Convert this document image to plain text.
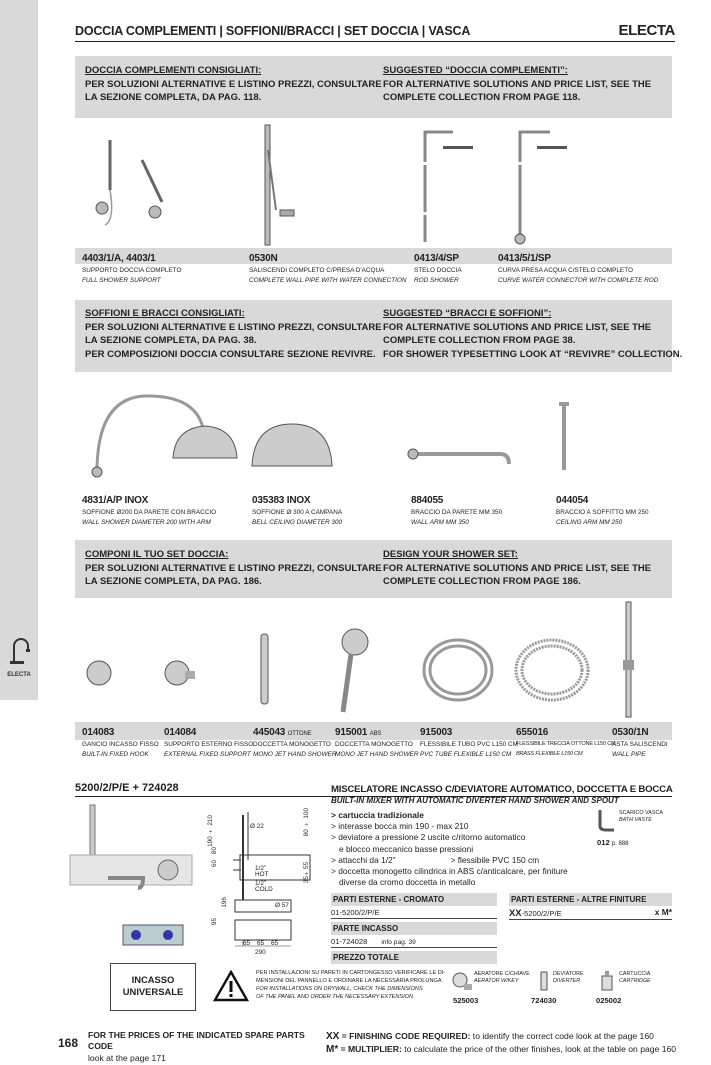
ELECTA
DOCCIA COMPLEMENTI | SOFFIONI/BRACCI | SET DOCCIA | VASCA	ELECTA
DOCCIA COMPLEMENTI CONSIGLIATI:
PER SOLUZIONI ALTERNATIVE E LISTINO PREZZI, CONSULTARE
LA SEZIONE COMPLETA, DA PAG. 118.
SUGGESTED “DOCCIA COMPLEMENTI”:
FOR ALTERNATIVE SOLUTIONS AND PRICE LIST, SEE THE
COMPLETE COLLECTION FROM PAGE 118.
4403/1/A, 4403/1
SUPPORTO DOCCIA COMPLETO
FULL SHOWER SUPPORT
0530N
SALISCENDI COMPLETO C/PRESA D'ACQUA
COMPLETE WALL PIPE WITH WATER CONNECTION
0413/4/SP
STELO DOCCIA
ROD SHOWER
0413/5/1/SP
CURVA PRESA ACQUA C/STELO COMPLETO
CURVE WATER CONNECTOR WITH COMPLETE ROD
SOFFIONI E BRACCI CONSIGLIATI:
PER SOLUZIONI ALTERNATIVE E LISTINO PREZZI, CONSULTARE
LA SEZIONE COMPLETA, DA PAG. 38.
PER COMPOSIZIONI DOCCIA CONSULTARE SEZIONE REVIVRE.
SUGGESTED “BRACCI E SOFFIONI”:
FOR ALTERNATIVE SOLUTIONS AND PRICE LIST, SEE THE
COMPLETE COLLECTION FROM PAGE 38.
FOR SHOWER TYPESETTING LOOK AT “REVIVRE” COLLECTION.
4831/A/P INOX
SOFFIONE Ø200 DA PARETE CON BRACCIO
WALL SHOWER DIAMETER 200 WITH ARM
035383 INOX
SOFFIONE Ø 300 A CAMPANA
BELL CEILING DIAMETER 300
884055
BRACCIO DA PARETE MM 350
WALL ARM MM 350
044054
BRACCIO A SOFFITTO MM 250
CEILING ARM MM 250
COMPONI IL TUO SET DOCCIA:
PER SOLUZIONI ALTERNATIVE E LISTINO PREZZI, CONSULTARE
LA SEZIONE COMPLETA, DA PAG. 186.
DESIGN YOUR SHOWER SET:
FOR ALTERNATIVE SOLUTIONS AND PRICE LIST, SEE THE
COMPLETE COLLECTION FROM PAGE 186.
014083
GANCIO INCASSO FISSO
BUILT-IN FIXED HOOK
014084
SUPPORTO ESTERNO FISSO
EXTERNAL FIXED SUPPORT
445043 OTTONE
DOCCETTA MONOGETTO
MONO JET HAND SHOWER
915001 ABS
DOCCETTA MONOGETTO
MONO JET HAND SHOWER
915003
FLESSIBILE TUBO PVC L150 CM
PVC TUBE FLEXIBLE L150 CM
655016
FLESSIBILE TRECCIA OTTONE L150 CM
BRASS FLEXIBLE L150 CM
0530/1N
ASTA SALISCENDI
WALL PIPE
5200/2/P/E + 724028
Ø 22
Ø 57
1/2” HOT
1/2” COLD
190 ÷ 210	80 ÷ 100
35÷55
60
80
196
95
65 65 65
290
MISCELATORE INCASSO C/DEVIATORE AUTOMATICO, DOCCETTA E BOCCA
BUILT-IN MIXER WITH AUTOMATIC DIVERTER HAND SHOWER AND SPOUT
> cartuccia tradizionale
> interasse bocca min 190 - max 210
> deviatore a pressione 2 uscite c/ritorno automatico
e blocco meccanico basse pressioni
> attacchi da 1/2”	> flessibile PVC 150 cm
> doccetta monogetto cilindrica in ABS c/anticalcare, per finiture
diverse da cromo doccetta in metallo
SCARICO VASCA
BATH VASTE
012 p. 888
PARTI ESTERNE - CROMATO
01-5200/2/P/E
PARTE INCASSO
01-724028 info pag. 39
PREZZO TOTALE
PARTI ESTERNE - ALTRE FINITURE
XX-5200/2/P/E	x M*
INCASSO
UNIVERSALE
PER INSTALLAZIONI SU PARETI IN CARTONGESSO VERIFICARE LE DI-
MENSIONI DEL PANNELLO E ORDINARE LA NECESSARIA PROLUNGA
FOR INSTALLATIONS ON DRYWALL, CHECK THE DIMENSIONS
OF THE PANEL AND ORDER THE NECESSARY EXTENSION
AERATORE C/CHIAVE
AERATOR W/KEY
525003
DEVIATORE
DIVERTER
724030
CARTUCCIA
CARTRIDGE
025002
168
FOR THE PRICES OF THE INDICATED SPARE PARTS CODE
look at the page 171
XX = FINISHING CODE REQUIRED: to identify the correct code look at the page 160
M* = MULTIPLIER: to calculate the price of the other finishes, look at the table on page 160
